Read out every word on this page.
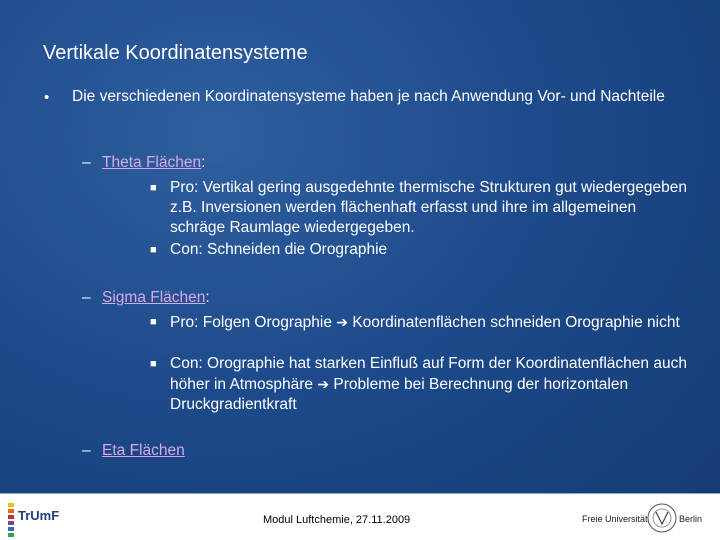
Vertikale Koordinatensysteme
• Die verschiedenen Koordinatensysteme haben je nach Anwendung Vor- und Nachteile
– Theta Flächen:
■ Pro: Vertikal gering ausgedehnte thermische Strukturen gut wiedergegeben z.B. Inversionen werden flächenhaft erfasst und ihre im allgemeinen schräge Raumlage wiedergegeben.
■ Con: Schneiden die Orographie
– Sigma Flächen:
■ Pro: Folgen Orographie ➔ Koordinatenflächen schneiden Orographie nicht
■ Con: Orographie hat starken Einfluß auf Form der Koordinatenflächen auch höher in Atmosphäre ➔ Probleme bei Berechnung der horizontalen Druckgradientkraft
– Eta Flächen
TrUmF	Modul Luftchemie, 27.11.2009	Freie Universität	Berlin
